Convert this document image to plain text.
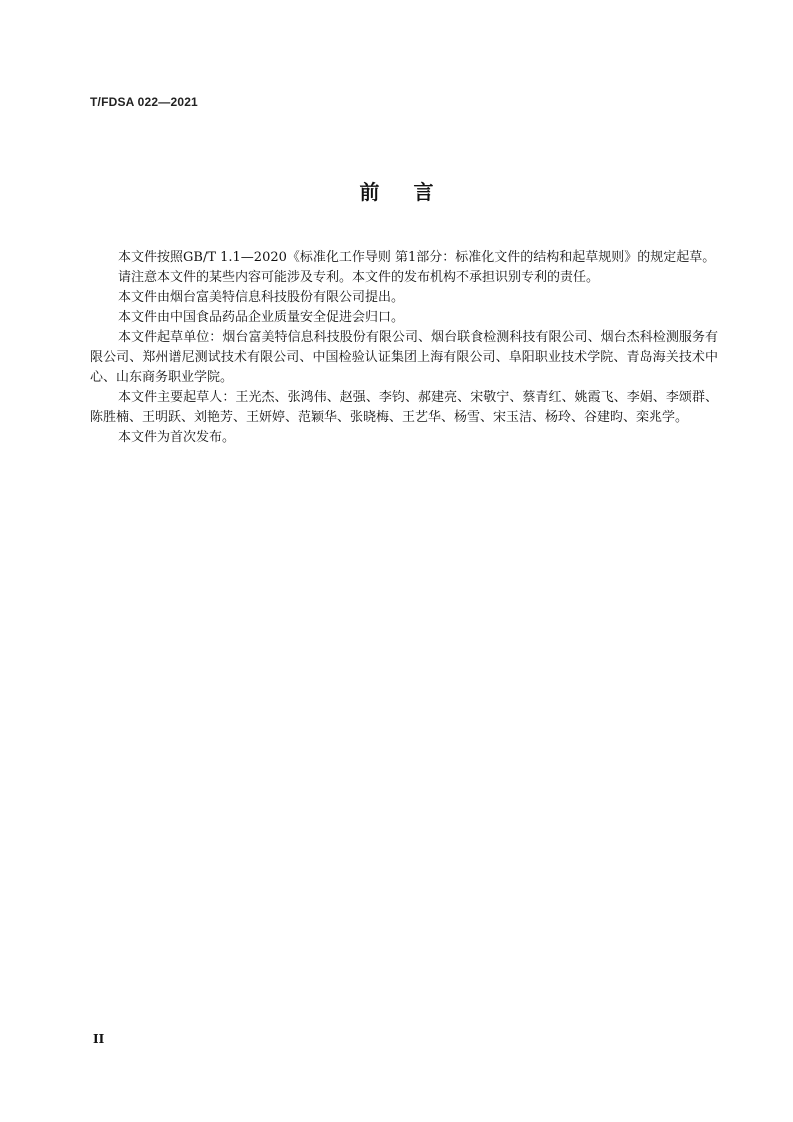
T/FDSA 022—2021
前言

本文件按照GB/T 1.1—2020《标准化工作导则 第1部分：标准化文件的结构和起草规则》的规定起草。

请注意本文件的某些内容可能涉及专利。本文件的发布机构不承担识别专利的责任。

本文件由烟台富美特信息科技股份有限公司提出。

本文件由中国食品药品企业质量安全促进会归口。

本文件起草单位：烟台富美特信息科技股份有限公司、烟台联食检测科技有限公司、烟台杰科检测服务有限公司、郑州谱尼测试技术有限公司、中国检验认证集团上海有限公司、阜阳职业技术学院、青岛海关技术中心、山东商务职业学院。

本文件主要起草人：王光杰、张鸿伟、赵强、李钧、郝建亮、宋敬宁、蔡青红、姚霞飞、李娟、李颂群、陈胜楠、王明跃、刘艳芳、王妍婷、范颖华、张晓梅、王艺华、杨雪、宋玉洁、杨玲、谷建昀、栾兆学。

本文件为首次发布。

II
